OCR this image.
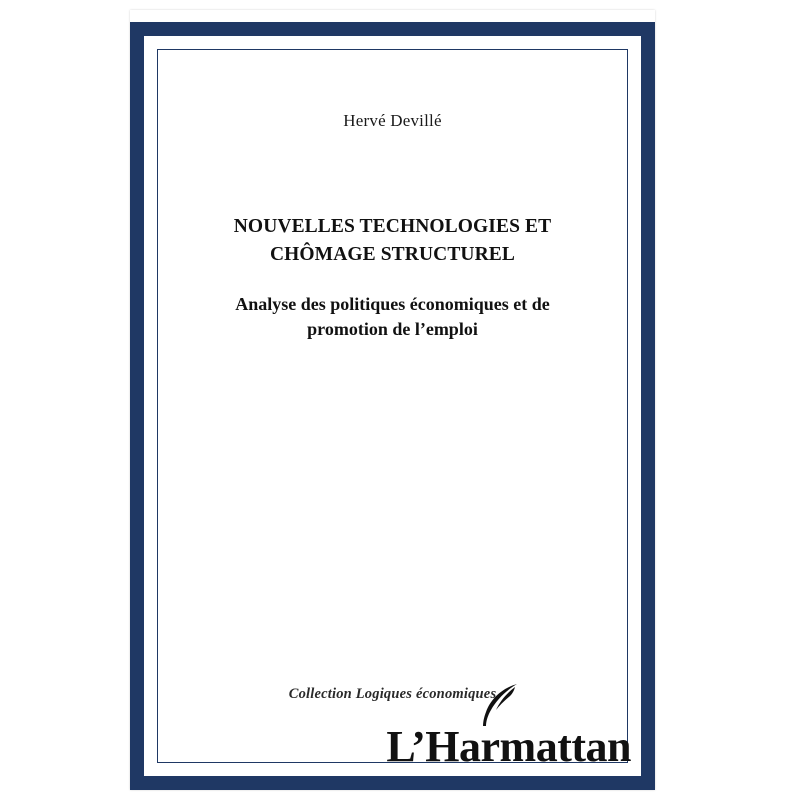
Hervé Devillé
NOUVELLES TECHNOLOGIES ET
CHÔMAGE STRUCTUREL
Analyse des politiques économiques et de
promotion de l’emploi
Collection Logiques économiques
L’Harmattan
